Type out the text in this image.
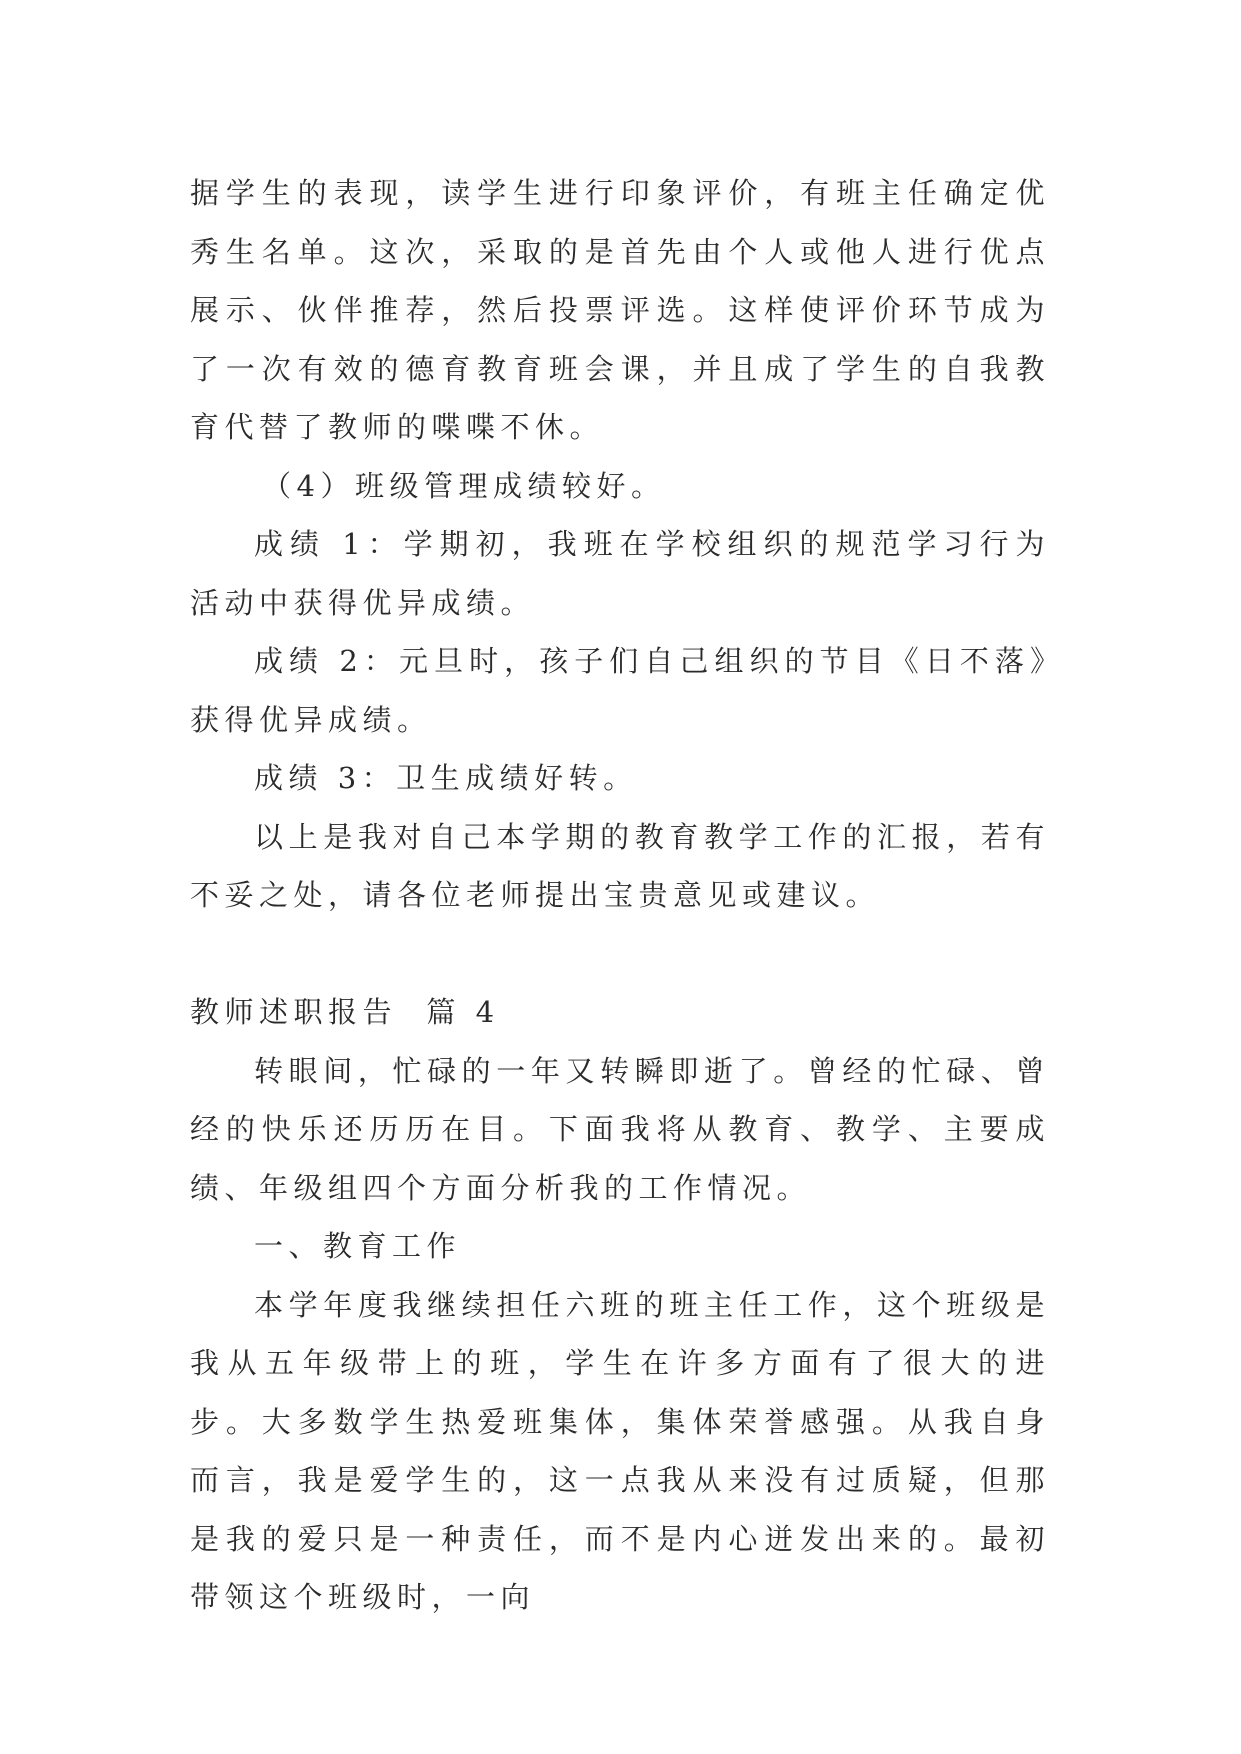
据学生的表现，读学生进行印象评价，有班主任确定优秀生名单。这次，采取的是首先由个人或他人进行优点展示、伙伴推荐，然后投票评选。这样使评价环节成为了一次有效的德育教育班会课，并且成了学生的自我教育代替了教师的喋喋不休。

（4）班级管理成绩较好。

成绩 1：学期初，我班在学校组织的规范学习行为活动中获得优异成绩。

成绩 2：元旦时，孩子们自己组织的节目《日不落》获得优异成绩。

成绩 3：卫生成绩好转。

以上是我对自己本学期的教育教学工作的汇报，若有不妥之处，请各位老师提出宝贵意见或建议。

教师述职报告  篇 4

转眼间，忙碌的一年又转瞬即逝了。曾经的忙碌、曾经的快乐还历历在目。下面我将从教育、教学、主要成绩、年级组四个方面分析我的工作情况。

一、教育工作

本学年度我继续担任六班的班主任工作，这个班级是我从五年级带上的班，学生在许多方面有了很大的进步。大多数学生热爱班集体，集体荣誉感强。从我自身而言，我是爱学生的，这一点我从来没有过质疑，但那是我的爱只是一种责任，而不是内心迸发出来的。最初带领这个班级时，一向
